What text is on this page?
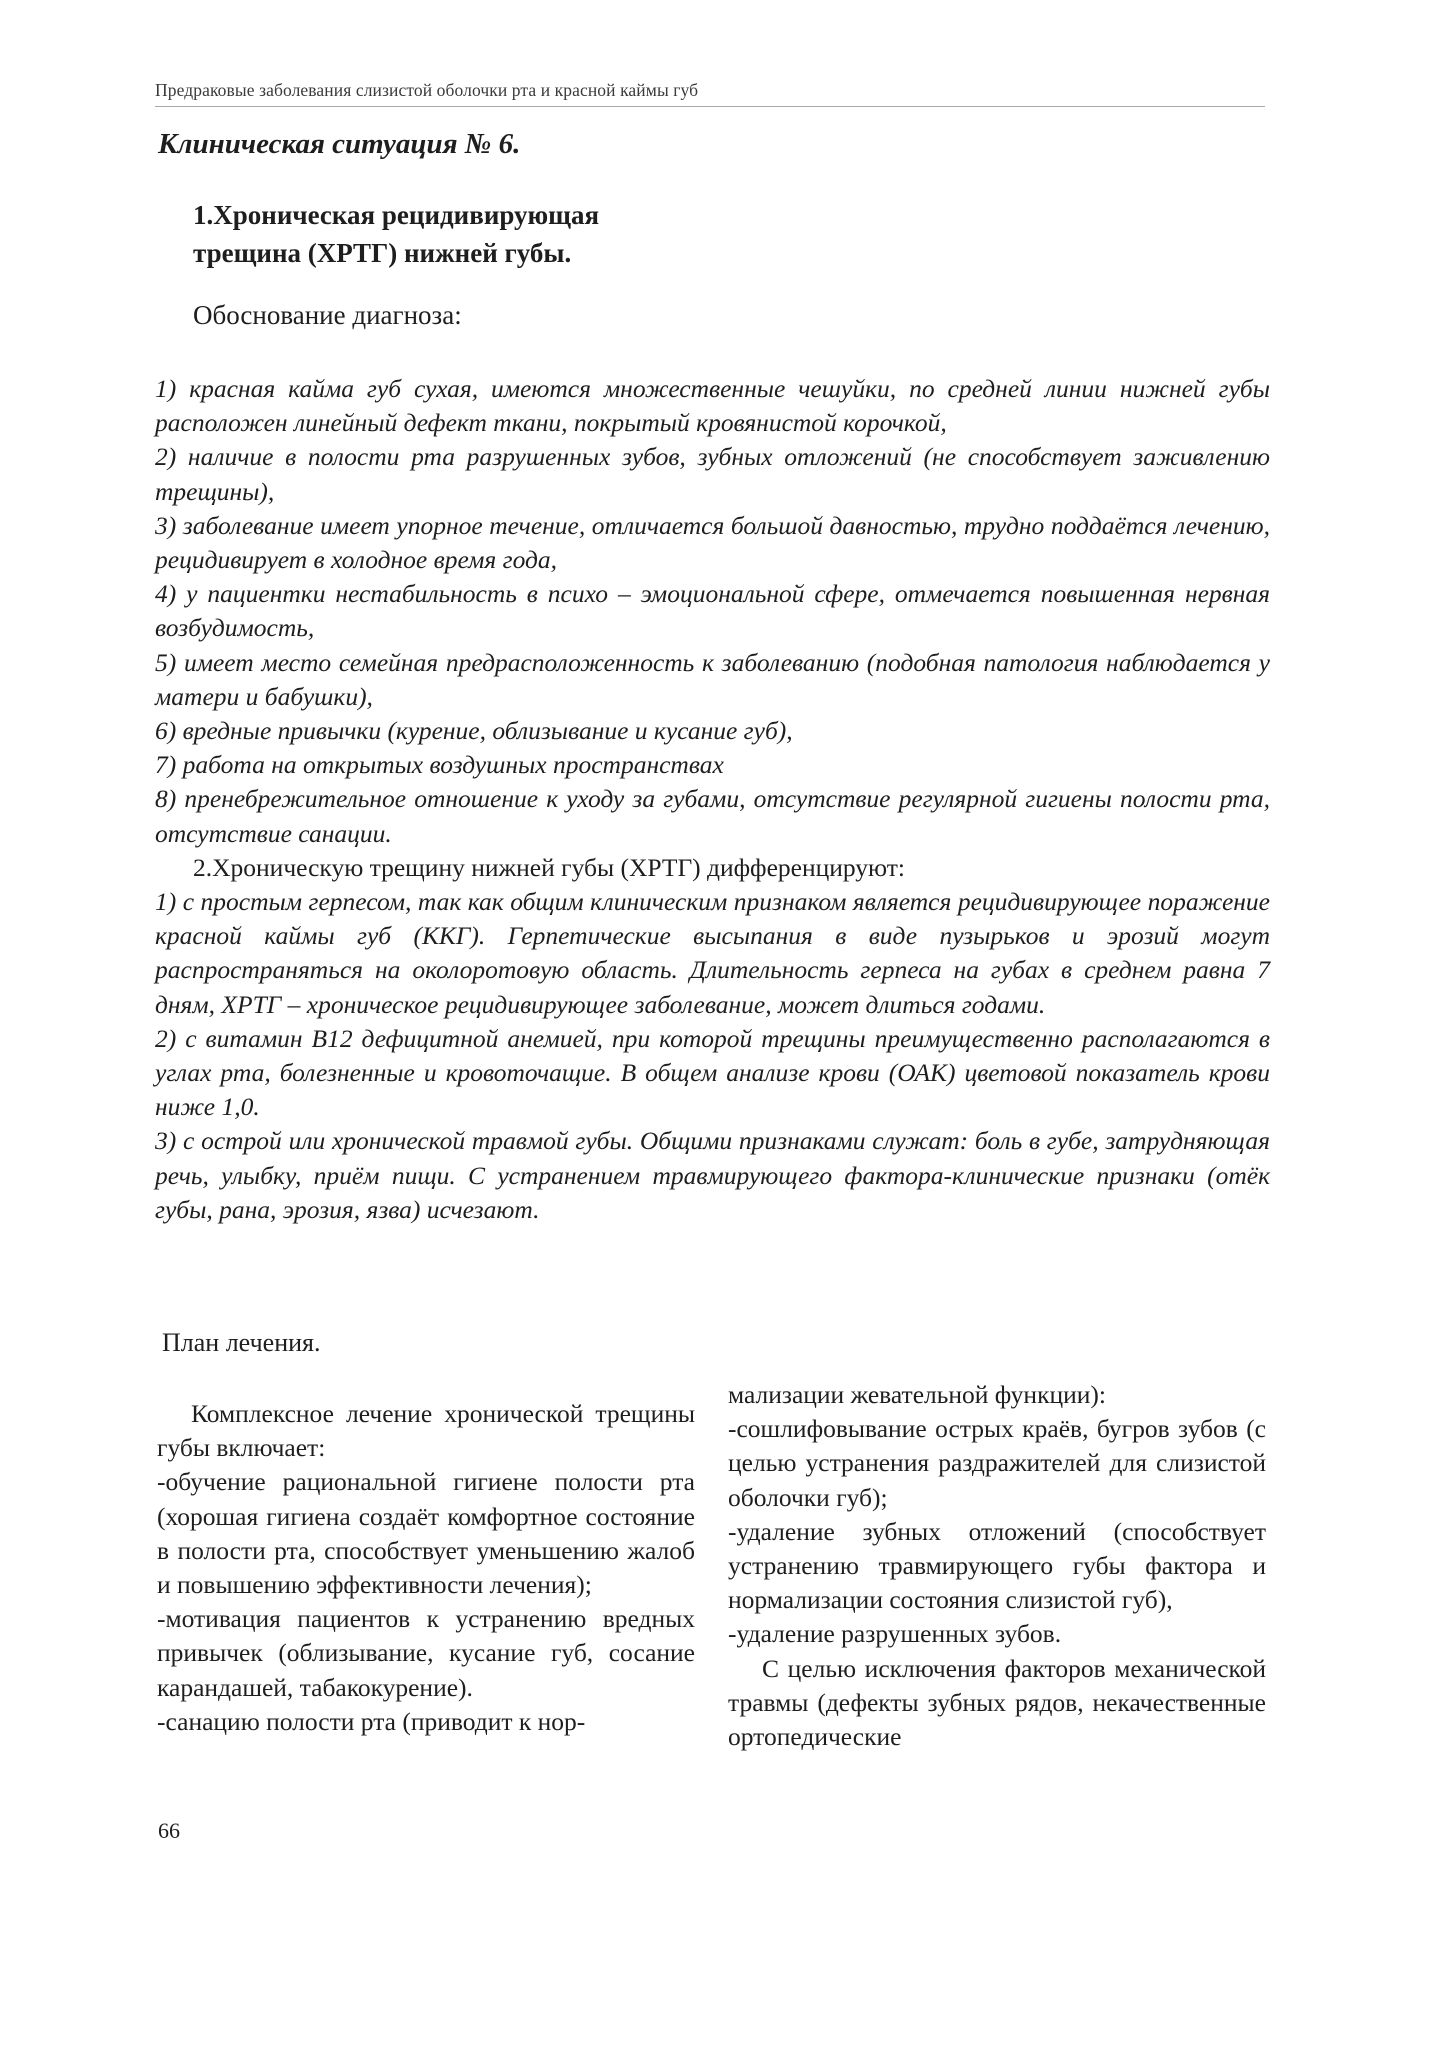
Предраковые заболевания слизистой оболочки рта и красной каймы губ
Клиническая ситуация № 6.
1.Хроническая рецидивирующая
трещина (ХРТГ) нижней губы.
Обоснование диагноза:

1) красная кайма губ сухая, имеются множественные чешуйки, по средней линии нижней губы расположен линейный дефект ткани, покрытый кровянистой корочкой,

2) наличие в полости рта разрушенных зубов, зубных отложений (не способствует заживлению трещины),

3) заболевание имеет упорное течение, отличается большой давностью, трудно поддаётся лечению, рецидивирует в холодное время года,

4) у пациентки нестабильность в психо – эмоциональной сфере, отмечается повышенная нервная возбудимость,

5) имеет место семейная предрасположенность к заболеванию (подобная патология наблюдается у матери и бабушки),

6) вредные привычки (курение, облизывание и кусание губ),

7) работа на открытых воздушных пространствах

8) пренебрежительное отношение к уходу за губами, отсутствие регулярной гигиены полости рта, отсутствие санации.

2.Хроническую трещину нижней губы (ХРТГ) дифференцируют:

1) с простым герпесом, так как общим клиническим признаком является рецидивирующее поражение красной каймы губ (ККГ). Герпетические высыпания в виде пузырьков и эрозий могут распространяться на околоротовую область. Длительность герпеса на губах в среднем равна 7 дням, ХРТГ – хроническое рецидивирующее заболевание, может длиться годами.

2) с витамин В12 дефицитной анемией, при которой трещины преимущественно располагаются в углах рта, болезненные и кровоточащие. В общем анализе крови (ОАК) цветовой показатель крови ниже 1,0.

3) с острой или хронической травмой губы. Общими признаками служат: боль в губе, затрудняющая речь, улыбку, приём пищи. С устранением травмирующего фактора-клинические признаки (отёк губы, рана, эрозия, язва) исчезают.

План лечения.

Комплексное лечение хронической трещины губы включает:

-обучение рациональной гигиене полости рта (хорошая гигиена создаёт комфортное состояние в полости рта, способствует уменьшению жалоб и повышению эффективности лечения);

-мотивация пациентов к устранению вредных привычек (облизывание, кусание губ, сосание карандашей, табакокурение).

-санацию полости рта (приводит к нор-

мализации жевательной функции):

-сошлифовывание острых краёв, бугров зубов (с целью устранения раздражителей для слизистой оболочки губ);

-удаление зубных отложений (способствует устранению травмирующего губы фактора и нормализации состояния слизистой губ),

-удаление разрушенных зубов.

С целью исключения факторов механической травмы (дефекты зубных рядов, некачественные ортопедические

66
